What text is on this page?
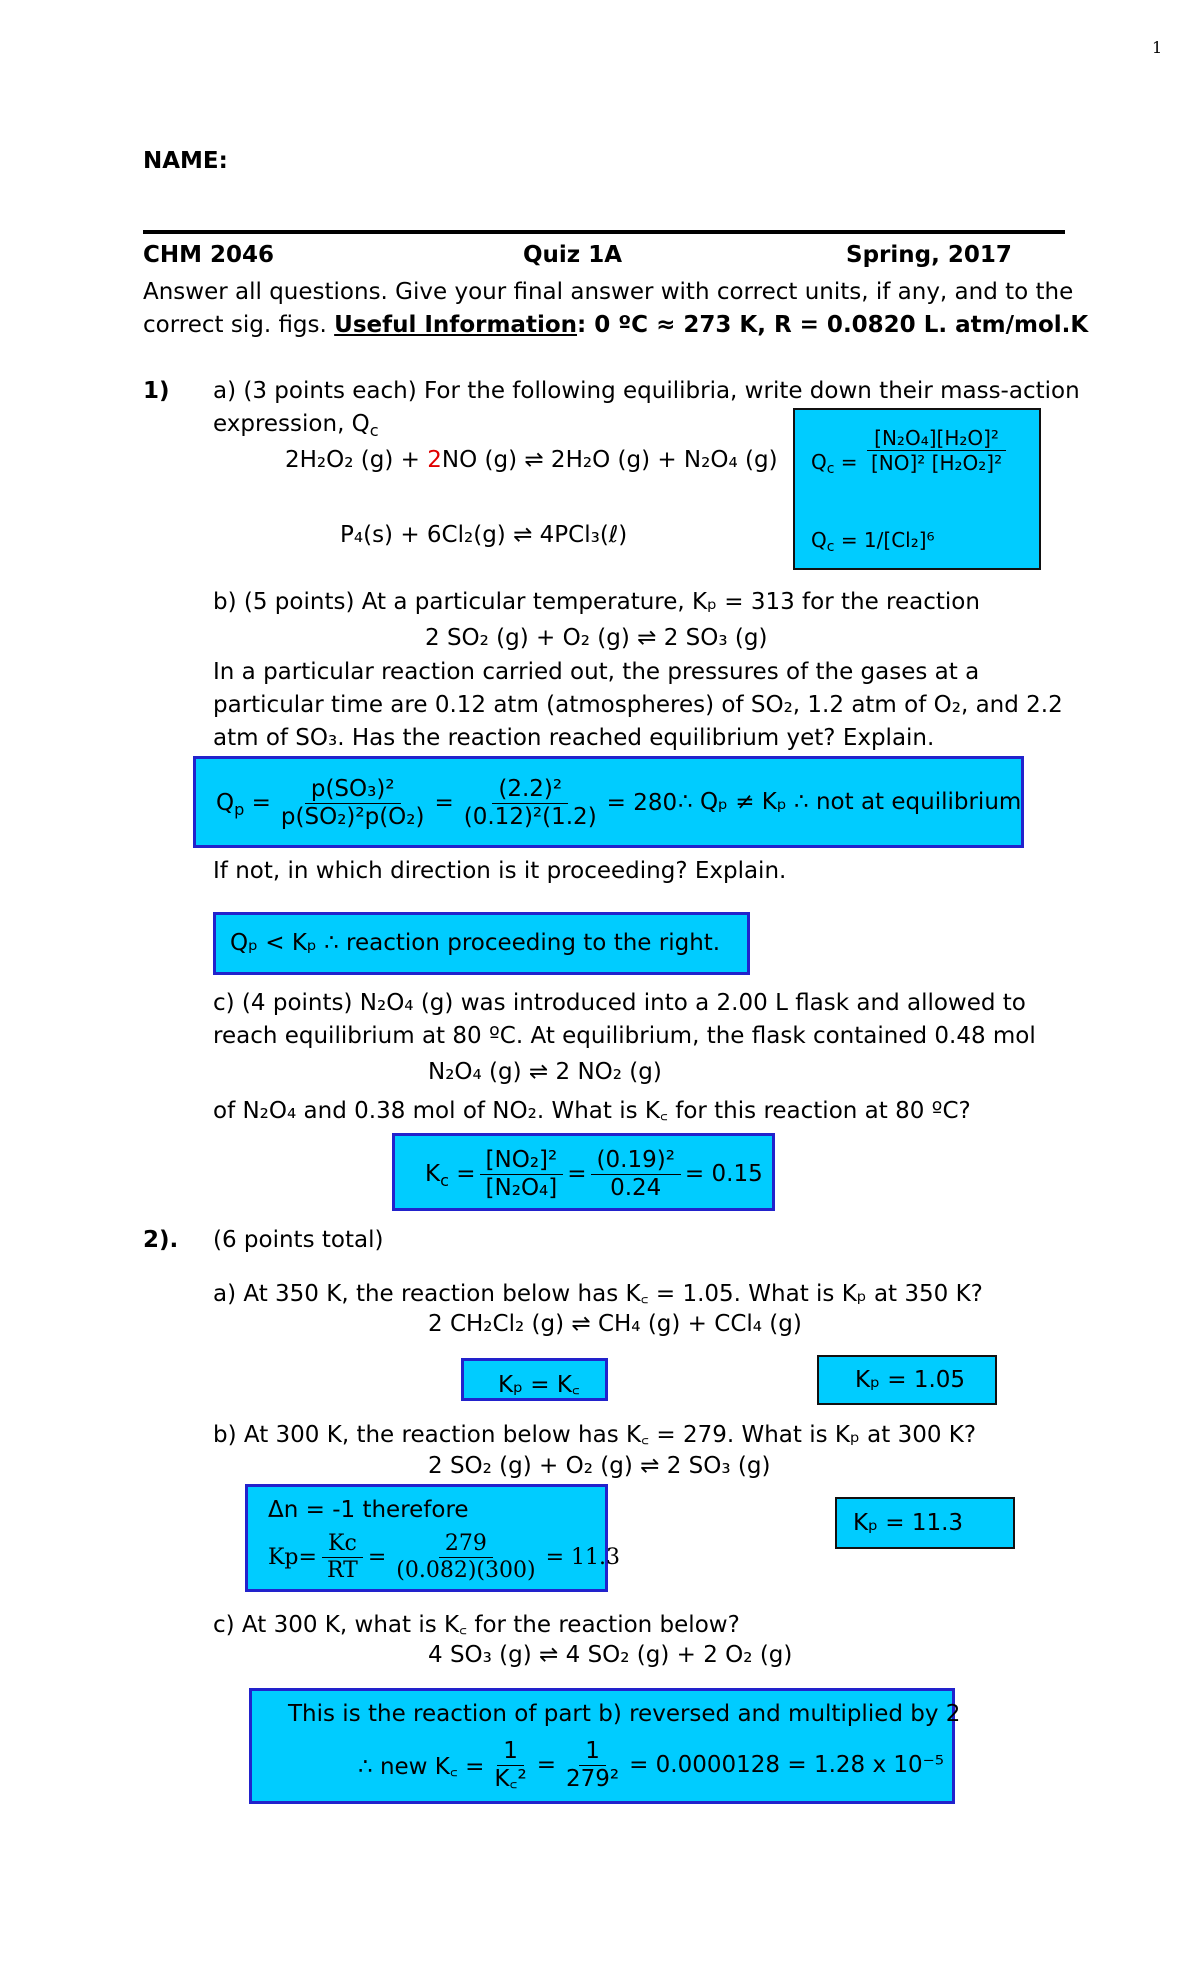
1
NAME:
CHM 2046	Quiz 1A	Spring, 2017
Answer all questions. Give your final answer with correct units, if any, and to the
correct sig. figs. Useful Information: 0 ºC ≈ 273 K, R = 0.0820 L. atm/mol.K
1) a) (3 points each) For the following equilibria, write down their mass-action
expression, $Q_c$
2H₂O₂ (g) + 2NO (g) ⇌ 2H₂O (g) + N₂O₄ (g)
P₄(s) + 6Cl₂(g) ⇌ 4PCl₃(ℓ)
$Q_c = \frac{\text{[N₂O₄][H₂O]²}}{\text{[NO]² [H₂O₂]²}}$
$Q_c = 1/[Cl_2]^6$
b) (5 points) At a particular temperature, Kₚ = 313 for the reaction
2 SO₂ (g) + O₂ (g) ⇌ 2 SO₃ (g)
In a particular reaction carried out, the pressures of the gases at a
particular time are 0.12 atm (atmospheres) of SO₂, 1.2 atm of O₂, and 2.2
atm of SO₃. Has the reaction reached equilibrium yet? Explain.
$Q_p = \frac{\text{p(SO₃)²}}{\text{p(SO₂)²p(O₂)}} = \frac{\text{(2.2)²}}{\text{(0.12)²(1.2)}} = 280$ ∴ Qₚ ≠ Kₚ ∴ not at equilibrium
If not, in which direction is it proceeding? Explain.
Qₚ < Kₚ ∴ reaction proceeding to the right.
c) (4 points) N₂O₄ (g) was introduced into a 2.00 L flask and allowed to
reach equilibrium at 80 ºC. At equilibrium, the flask contained 0.48 mol
N₂O₄ (g) ⇌ 2 NO₂ (g)
of N₂O₄ and 0.38 mol of NO₂. What is K꜀ for this reaction at 80 ºC?
$K_c = \frac{\text{[NO₂]²}}{\text{[N₂O₄]}} = \frac{\text{(0.19)²}}{0.24} = 0.15$
2). (6 points total)
a) At 350 K, the reaction below has K꜀ = 1.05. What is Kₚ at 350 K?
2 CH₂Cl₂ (g) ⇌ CH₄ (g) + CCl₄ (g)
Kₚ = K꜀	Kₚ = 1.05
b) At 300 K, the reaction below has K꜀ = 279. What is Kₚ at 300 K?
2 SO₂ (g) + O₂ (g) ⇌ 2 SO₃ (g)
Δn = -1 therefore
$Kp = \frac{Kc}{RT} = \frac{279}{(0.082)(300)} = 11.3$
Kₚ = 11.3
c) At 300 K, what is K꜀ for the reaction below?
4 SO₃ (g) ⇌ 4 SO₂ (g) + 2 O₂ (g)
This is the reaction of part b) reversed and multiplied by 2
∴ new K꜀ = $\frac{1}{\text{K꜀²}} = \frac{1}{\text{279²}} = 0.0000128 = 1.28$ x 10⁻⁵
